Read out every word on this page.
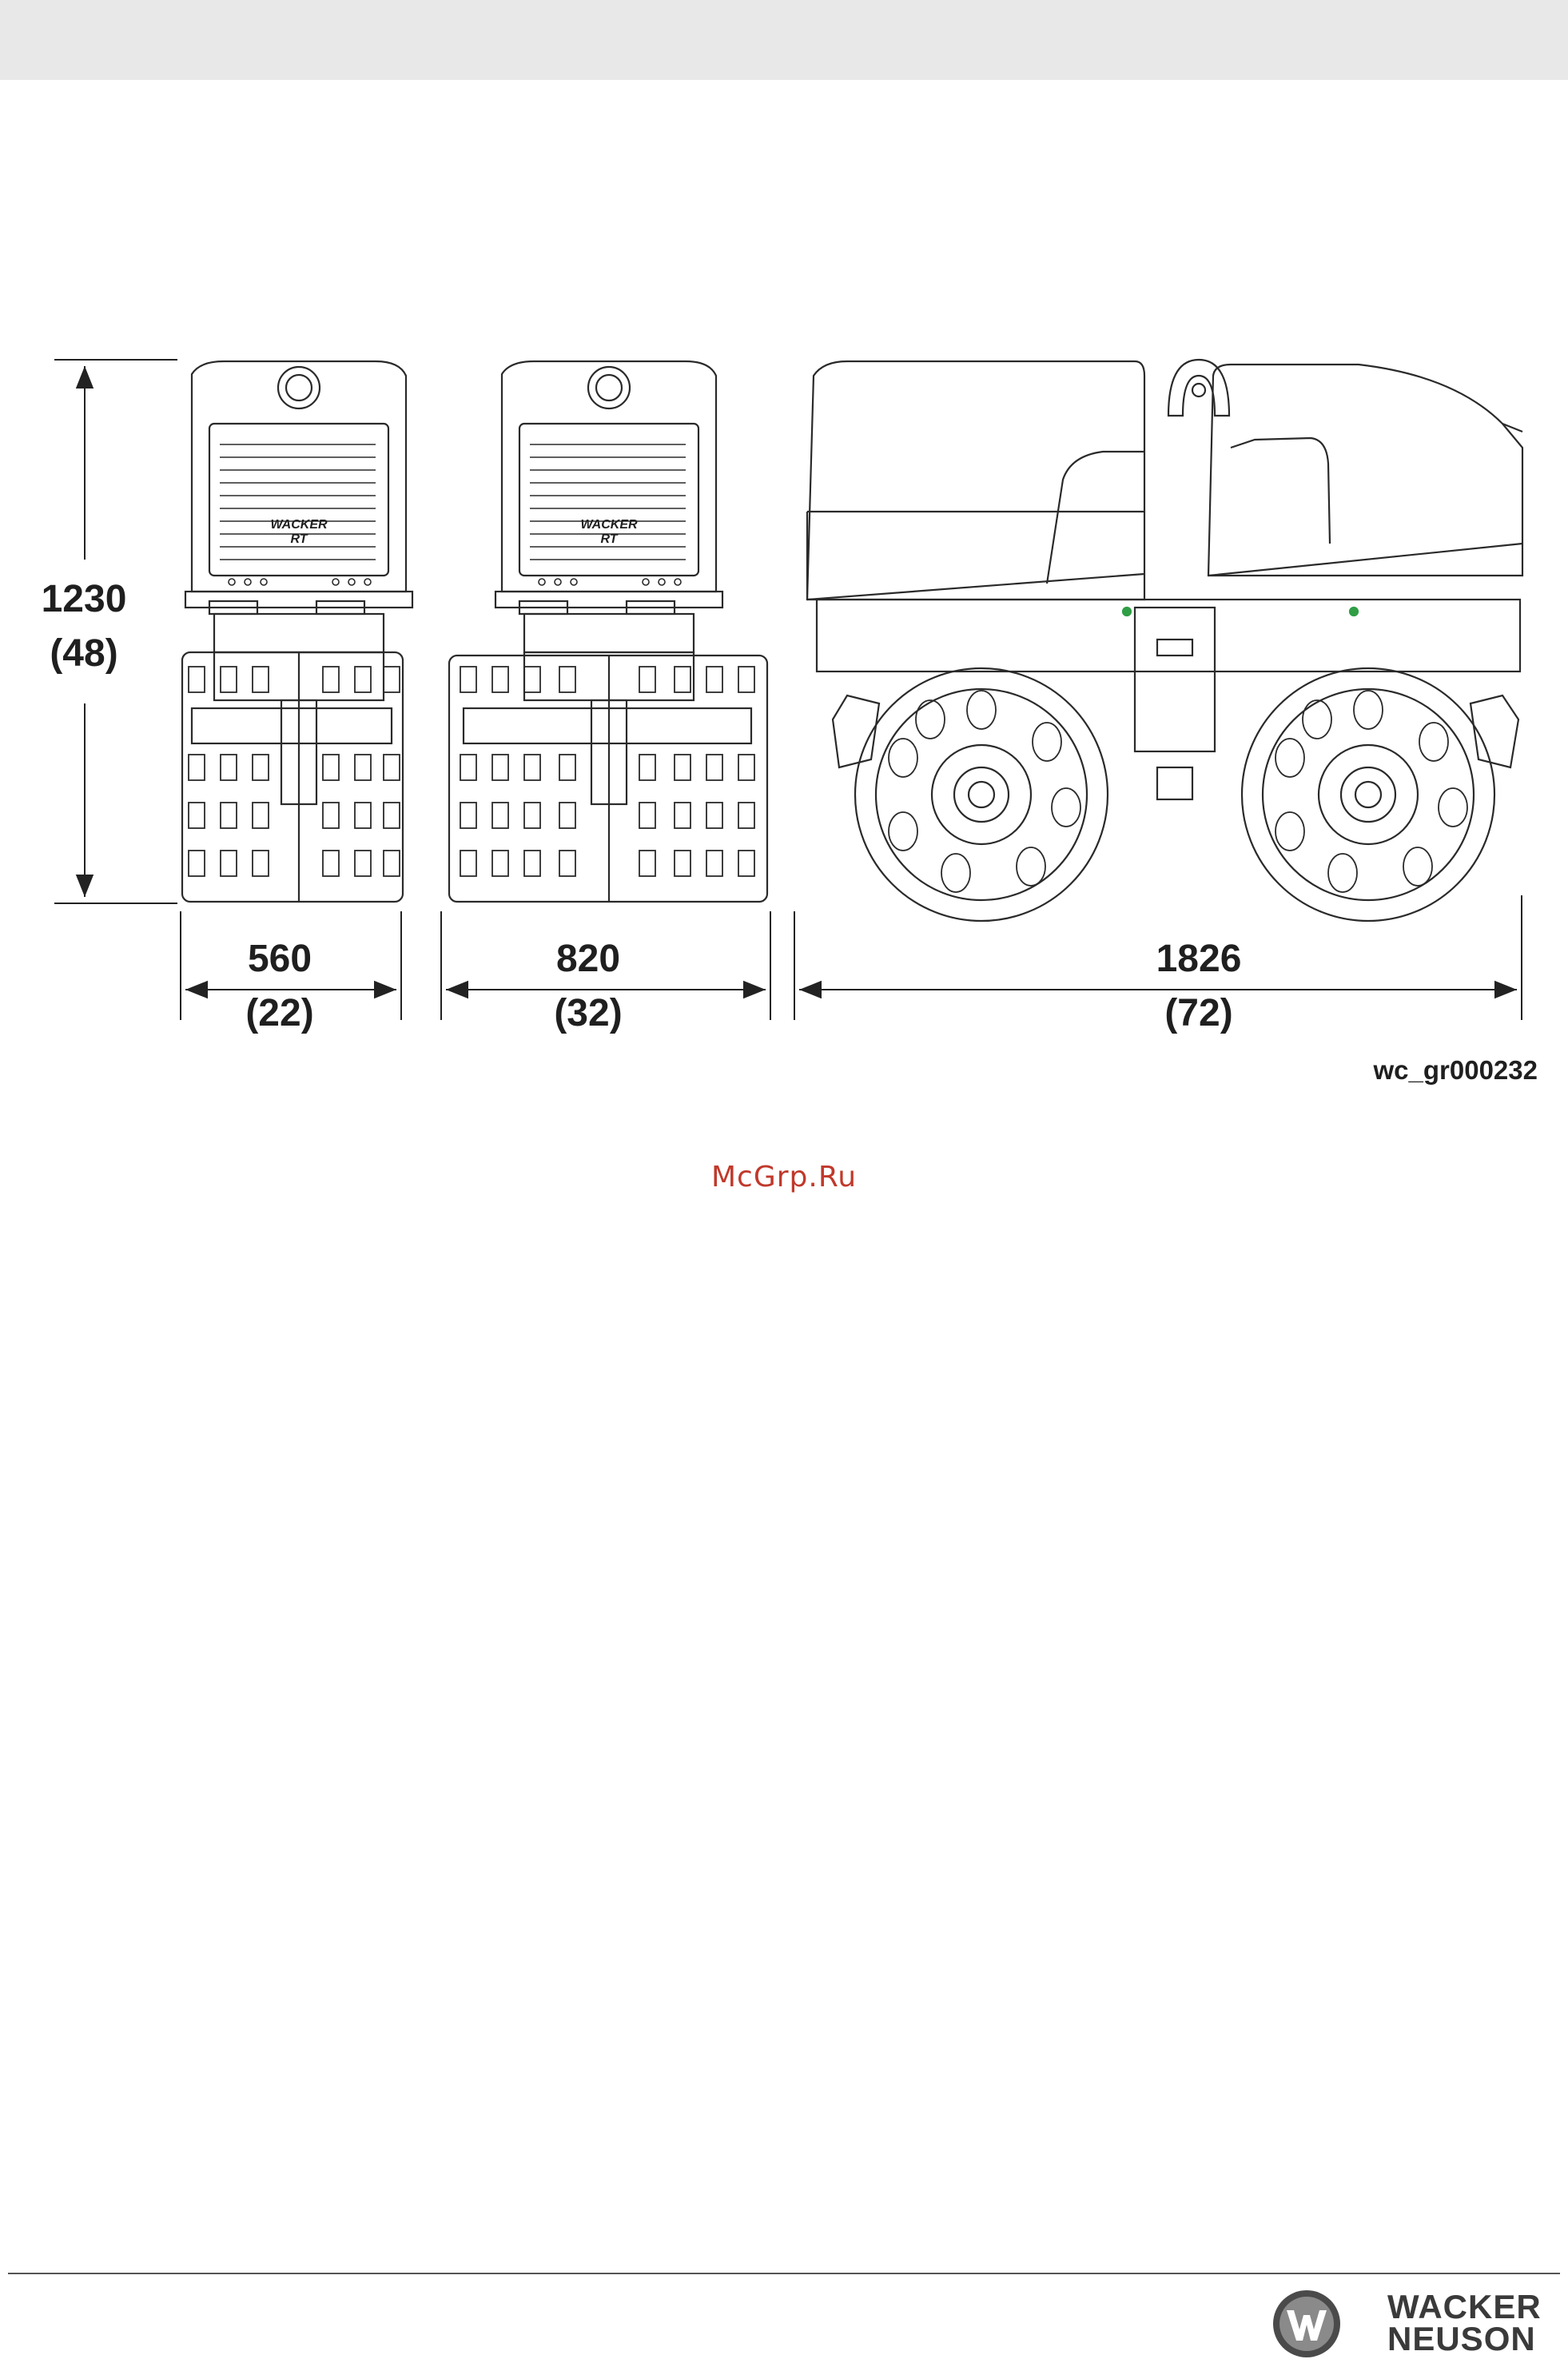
1230
(48)
560
(22)
820
(32)
1826
(72)
WACKER
RT
WACKER
RT
wc_gr000232
McGrp.Ru
WACKER
NEUSON
